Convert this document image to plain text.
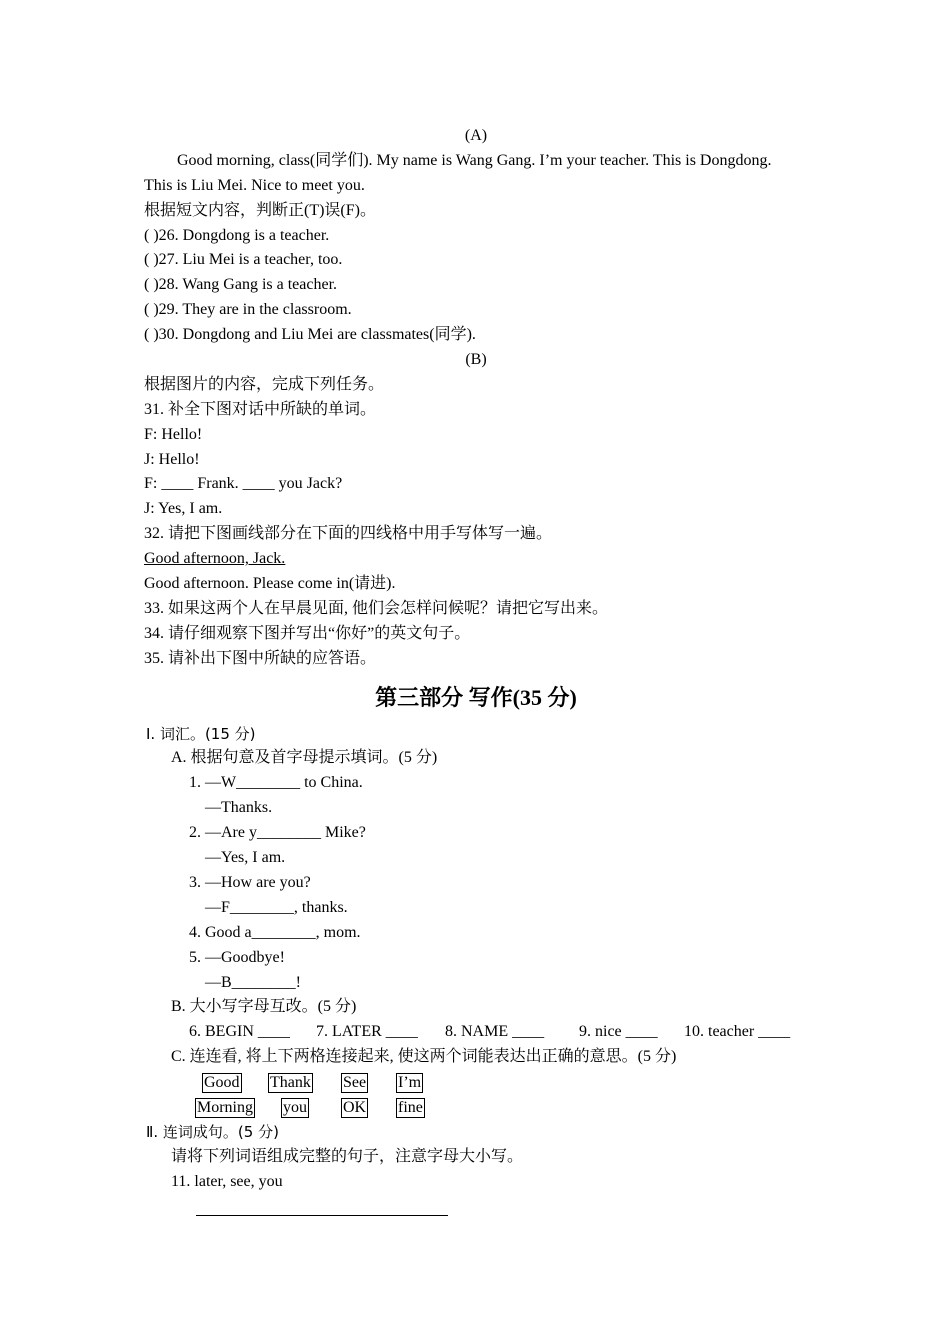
(A)
Good morning, class(同学们). My name is Wang Gang. I’m your teacher. This is Dongdong.
This is Liu Mei. Nice to meet you.
根据短文内容，判断正(T)误(F)。
( )26. Dongdong is a teacher.
( )27. Liu Mei is a teacher, too.
( )28. Wang Gang is a teacher.
( )29. They are in the classroom.
( )30. Dongdong and Liu Mei are classmates(同学).
(B)
根据图片的内容，完成下列任务。
31. 补全下图对话中所缺的单词。
F: Hello!
J: Hello!
F: ____ Frank. ____ you Jack?
J: Yes, I am.
32. 请把下图画线部分在下面的四线格中用手写体写一遍。
Good afternoon, Jack.
Good afternoon. Please come in(请进).
33. 如果这两个人在早晨见面, 他们会怎样问候呢？请把它写出来。
34. 请仔细观察下图并写出“你好”的英文句子。
35. 请补出下图中所缺的应答语。
第三部分 写作(35 分)
Ⅰ. 词汇。(15 分)
A. 根据句意及首字母提示填词。(5 分)
1. —W________ to China.
—Thanks.
2. —Are y________ Mike?
—Yes, I am.
3. —How are you?
—F________, thanks.
4. Good a________, mom.
5. —Goodbye!
—B________!
B. 大小写字母互改。(5 分)
6. BEGIN ____ 7. LATER ____ 8. NAME ____ 9. nice ____ 10. teacher ____
C. 连连看, 将上下两格连接起来, 使这两个词能表达出正确的意思。(5 分)
Good Thank See I’m
Morning you OK fine
Ⅱ. 连词成句。(5 分)
请将下列词语组成完整的句子，注意字母大小写。
11. later, see, you
